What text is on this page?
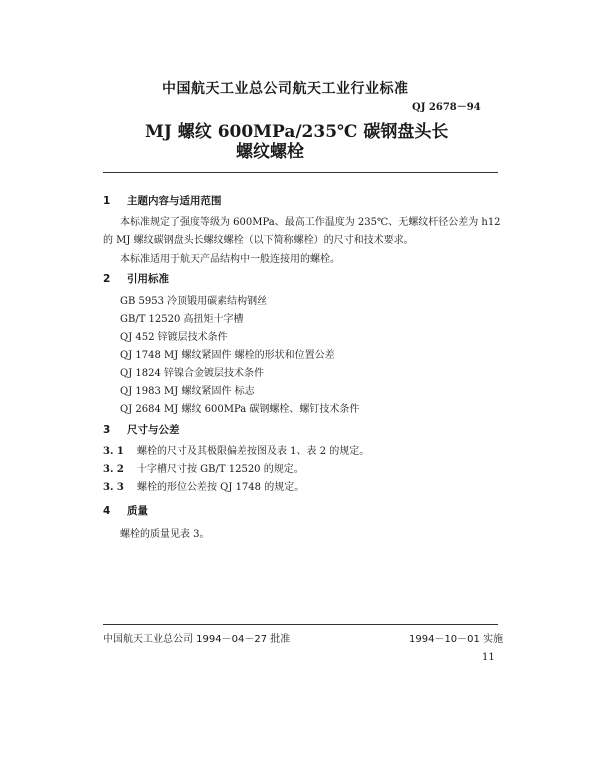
中国航天工业总公司航天工业行业标准
QJ 2678－94
MJ 螺纹 600MPa/235℃ 碳钢盘头长
螺纹螺栓
1 主题内容与适用范围
本标准规定了强度等级为 600MPa、最高工作温度为 235℃、无螺纹杆径公差为 h12
的 MJ 螺纹碳钢盘头长螺纹螺栓（以下简称螺栓）的尺寸和技术要求。
本标准适用于航天产品结构中一般连接用的螺栓。
2 引用标准
GB 5953 冷顶锻用碳素结构钢丝
GB/T 12520 高扭矩十字槽
QJ 452 锌镀层技术条件
QJ 1748 MJ 螺纹紧固件 螺栓的形状和位置公差
QJ 1824 锌镍合金镀层技术条件
QJ 1983 MJ 螺纹紧固件 标志
QJ 2684 MJ 螺纹 600MPa 碳钢螺栓、螺钉技术条件
3 尺寸与公差
3. 1 螺栓的尺寸及其极限偏差按图及表 1、表 2 的规定。
3. 2 十字槽尺寸按 GB/T 12520 的规定。
3. 3 螺栓的形位公差按 QJ 1748 的规定。
4 质量
螺栓的质量见表 3。
中国航天工业总公司 1994－04－27 批准	1994－10－01 实施
11
